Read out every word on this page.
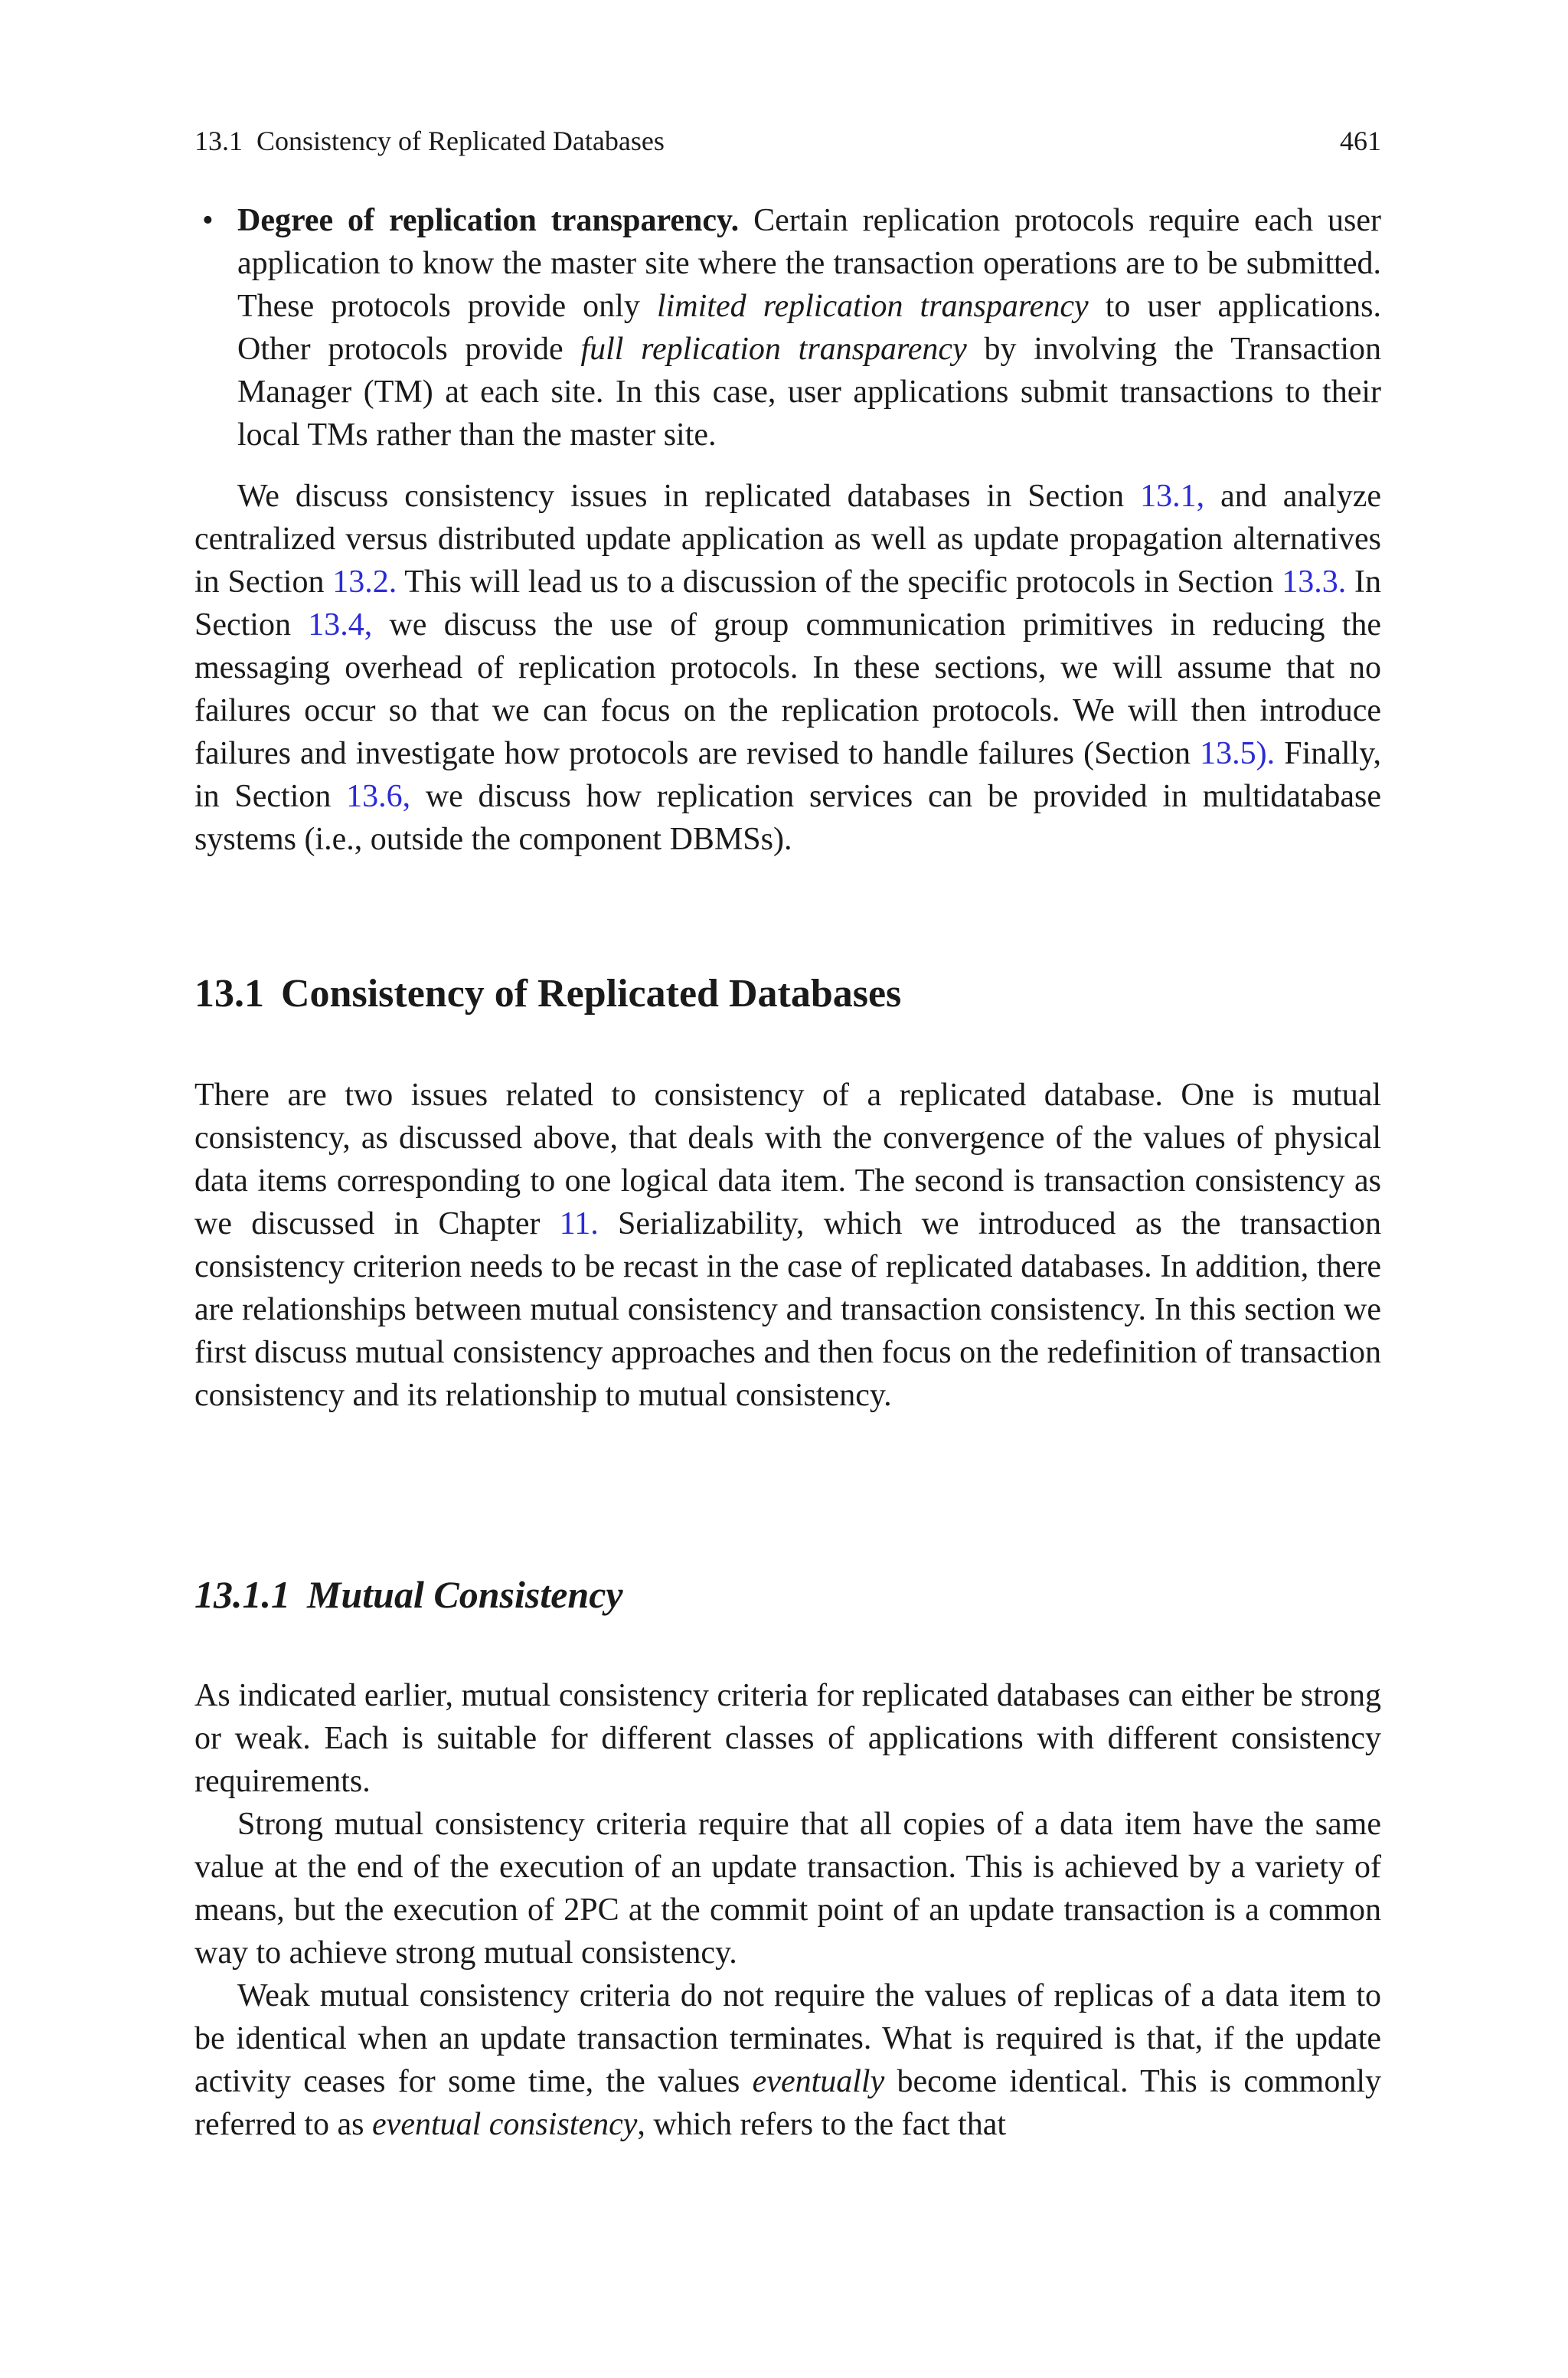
13.1 Consistency of Replicated Databases	461
• Degree of replication transparency. Certain replication protocols require each user application to know the master site where the transaction operations are to be submitted. These protocols provide only limited replication transparency to user applications. Other protocols provide full replication transparency by involving the Transaction Manager (TM) at each site. In this case, user applications submit transactions to their local TMs rather than the master site.

We discuss consistency issues in replicated databases in Section 13.1, and analyze centralized versus distributed update application as well as update propagation alternatives in Section 13.2. This will lead us to a discussion of the specific protocols in Section 13.3. In Section 13.4, we discuss the use of group communication primitives in reducing the messaging overhead of replication protocols. In these sections, we will assume that no failures occur so that we can focus on the replication protocols. We will then introduce failures and investigate how protocols are revised to handle failures (Section 13.5). Finally, in Section 13.6, we discuss how replication services can be provided in multidatabase systems (i.e., outside the component DBMSs).

13.1 Consistency of Replicated Databases

There are two issues related to consistency of a replicated database. One is mutual consistency, as discussed above, that deals with the convergence of the values of physical data items corresponding to one logical data item. The second is transaction consistency as we discussed in Chapter 11. Serializability, which we introduced as the transaction consistency criterion needs to be recast in the case of replicated databases. In addition, there are relationships between mutual consistency and transaction consistency. In this section we first discuss mutual consistency approaches and then focus on the redefinition of transaction consistency and its relationship to mutual consistency.

13.1.1 Mutual Consistency

As indicated earlier, mutual consistency criteria for replicated databases can either be strong or weak. Each is suitable for different classes of applications with different consistency requirements.

Strong mutual consistency criteria require that all copies of a data item have the same value at the end of the execution of an update transaction. This is achieved by a variety of means, but the execution of 2PC at the commit point of an update transaction is a common way to achieve strong mutual consistency.

Weak mutual consistency criteria do not require the values of replicas of a data item to be identical when an update transaction terminates. What is required is that, if the update activity ceases for some time, the values eventually become identical. This is commonly referred to as eventual consistency, which refers to the fact that
